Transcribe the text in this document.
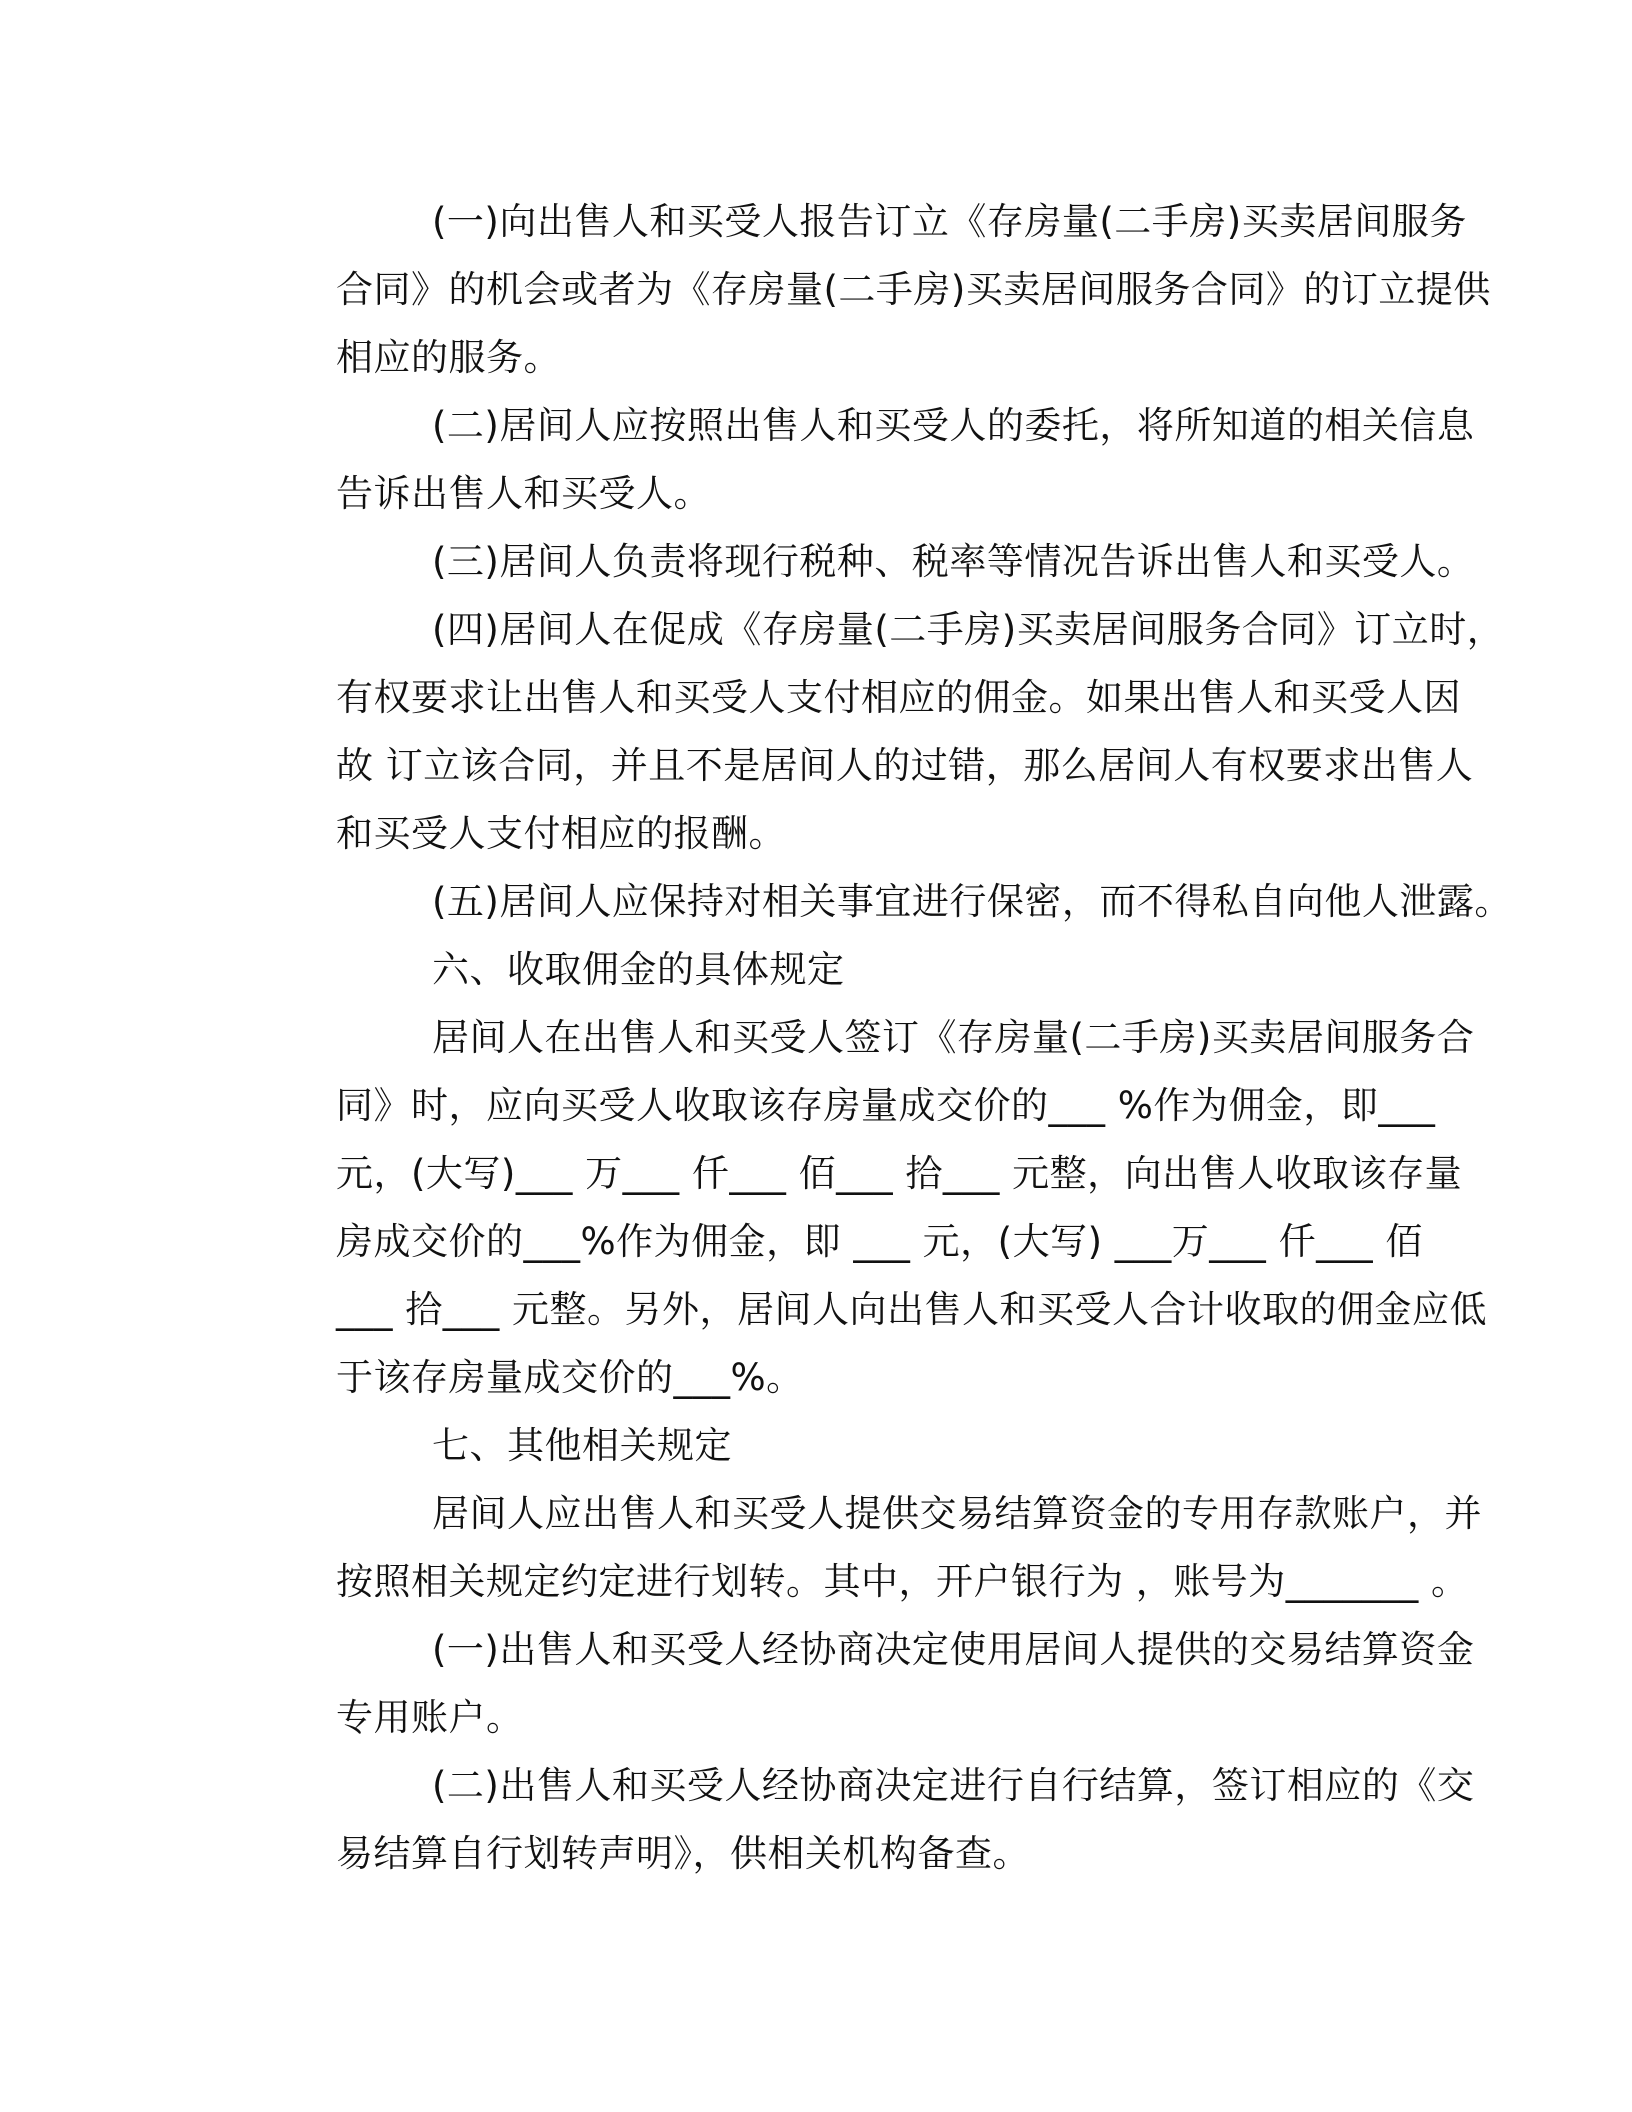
(一)向出售人和买受人报告订立《存房量(二手房)买卖居间服务
合同》的机会或者为《存房量(二手房)买卖居间服务合同》的订立提供
相应的服务。

(二)居间人应按照出售人和买受人的委托，将所知道的相关信息
告诉出售人和买受人。

(三)居间人负责将现行税种、税率等情况告诉出售人和买受人。

(四)居间人在促成《存房量(二手房)买卖居间服务合同》订立时，
有权要求让出售人和买受人支付相应的佣金。如果出售人和买受人因
故 订立该合同，并且不是居间人的过错，那么居间人有权要求出售人
和买受人支付相应的报酬。

(五)居间人应保持对相关事宜进行保密，而不得私自向他人泄露。

六、收取佣金的具体规定

居间人在出售人和买受人签订《存房量(二手房)买卖居间服务合
同》时，应向买受人收取该存房量成交价的___ %作为佣金，即___
元，(大写)___ 万___ 仟___ 佰___ 拾___ 元整，向出售人收取该存量
房成交价的___%作为佣金，即 ___ 元，(大写) ___万___ 仟___ 佰
___ 拾___ 元整。另外，居间人向出售人和买受人合计收取的佣金应低
于该存房量成交价的___%。

七、其他相关规定

居间人应出售人和买受人提供交易结算资金的专用存款账户，并
按照相关规定约定进行划转。其中，开户银行为 ，账号为_______ 。

(一)出售人和买受人经协商决定使用居间人提供的交易结算资金
专用账户。

(二)出售人和买受人经协商决定进行自行结算，签订相应的《交
易结算自行划转声明》，供相关机构备查。
